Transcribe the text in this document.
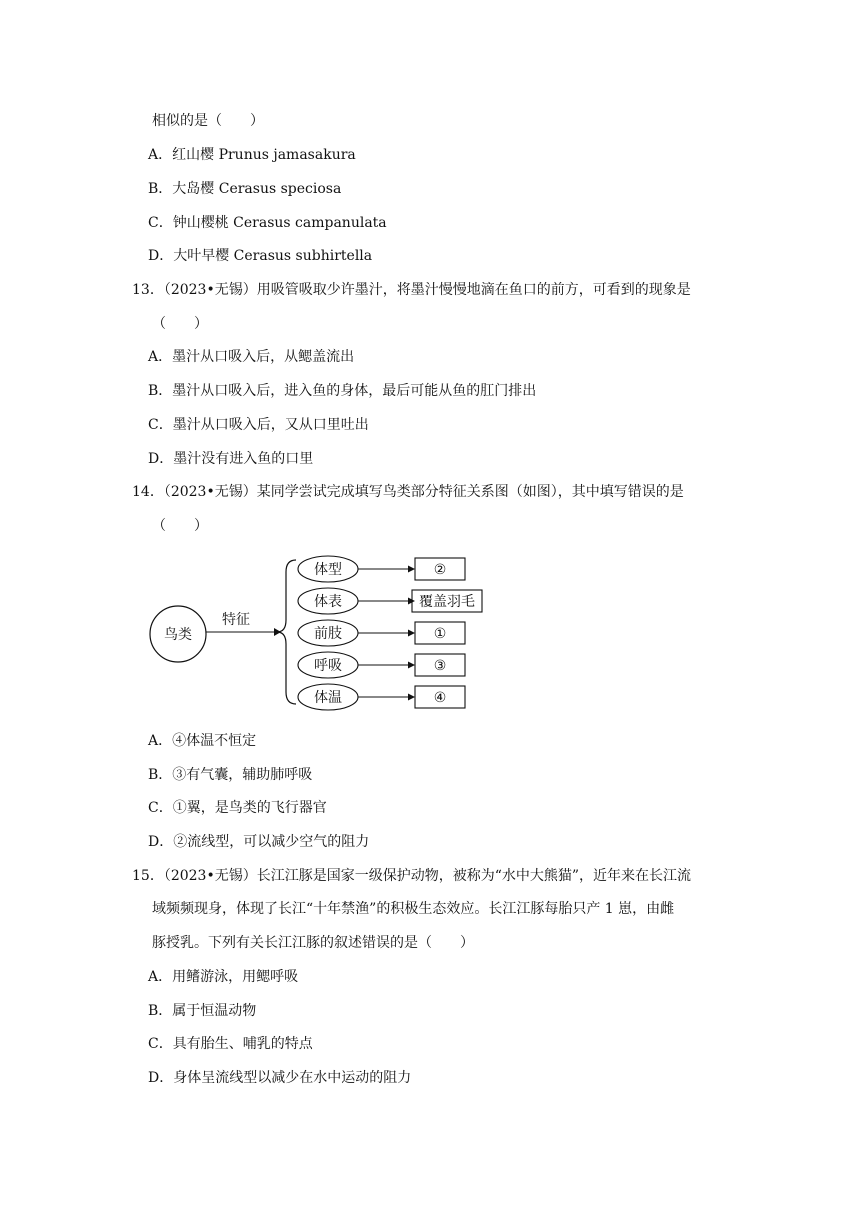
相似的是（　　）
A．红山樱 Prunus jamasakura
B．大岛樱 Cerasus speciosa
C．钟山樱桃 Cerasus campanulata
D．大叶早樱 Cerasus subhirtella
13．（2023•无锡）用吸管吸取少许墨汁，将墨汁慢慢地滴在鱼口的前方，可看到的现象是
（　　）
A．墨汁从口吸入后，从鳃盖流出
B．墨汁从口吸入后，进入鱼的身体，最后可能从鱼的肛门排出
C．墨汁从口吸入后，又从口里吐出
D．墨汁没有进入鱼的口里
14．（2023•无锡）某同学尝试完成填写鸟类部分特征关系图（如图），其中填写错误的是
（　　）
鸟类
特征
体型	②
体表	覆盖羽毛
前肢	①
呼吸	③
体温	④
A．④体温不恒定
B．③有气囊，辅助肺呼吸
C．①翼，是鸟类的飞行器官
D．②流线型，可以减少空气的阻力
15．（2023•无锡）长江江豚是国家一级保护动物，被称为“水中大熊猫”，近年来在长江流
域频频现身，体现了长江“十年禁渔”的积极生态效应。长江江豚每胎只产 1 崽，由雌
豚授乳。下列有关长江江豚的叙述错误的是（　　）
A．用鳍游泳，用鳃呼吸
B．属于恒温动物
C．具有胎生、哺乳的特点
D．身体呈流线型以减少在水中运动的阻力
